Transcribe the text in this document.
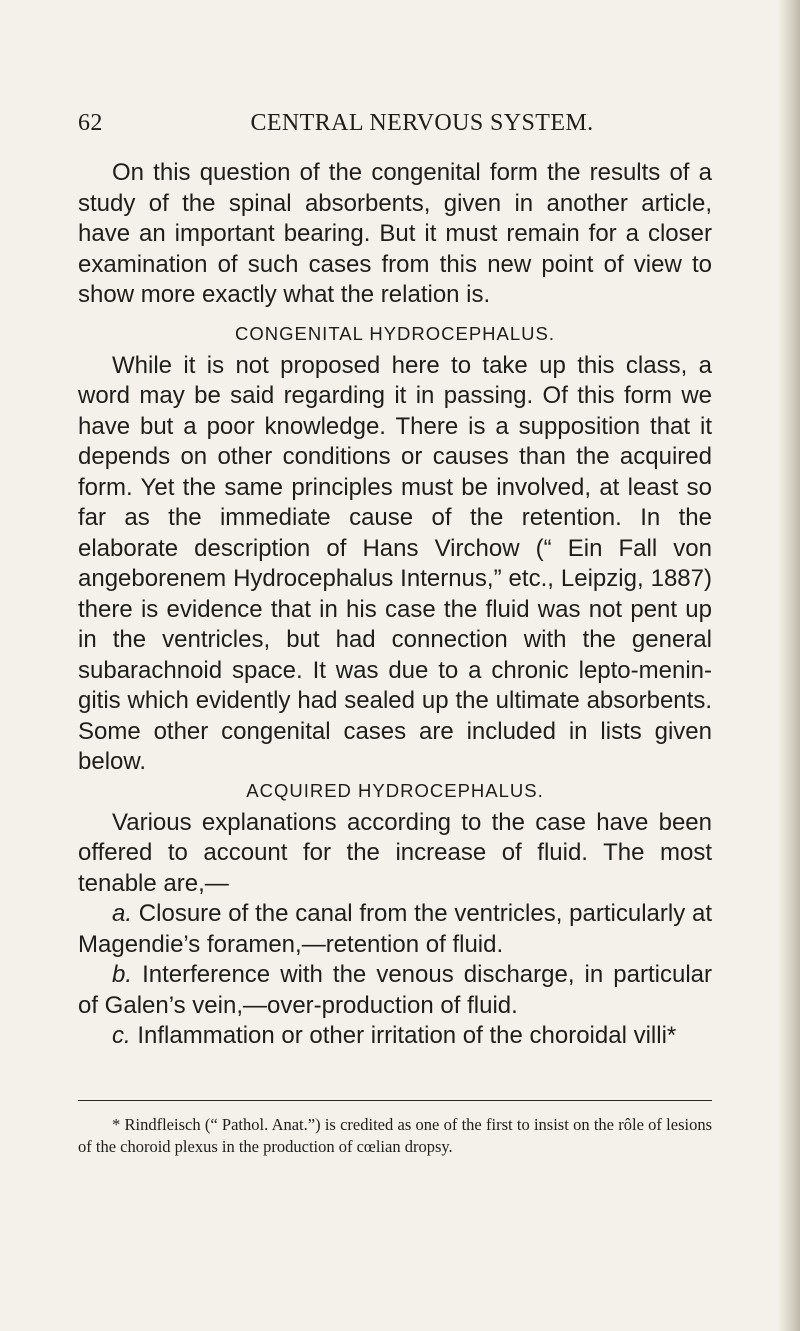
62	CENTRAL NERVOUS SYSTEM.

On this question of the congenital form the results of a study of the spinal absorbents, given in another article, have an important bearing. But it must remain for a closer examination of such cases from this new point of view to show more exactly what the relation is.

CONGENITAL HYDROCEPHALUS.

While it is not proposed here to take up this class, a word may be said regarding it in passing. Of this form we have but a poor knowledge. There is a supposition that it depends on other conditions or causes than the acquired form. Yet the same principles must be involved, at least so far as the immediate cause of the retention. In the elaborate description of Hans Virchow (“ Ein Fall von angeborenem Hydrocephalus Internus,” etc., Leipzig, 1887) there is evidence that in his case the fluid was not pent up in the ventricles, but had connection with the general subarachnoid space. It was due to a chronic lepto-menin-gitis which evidently had sealed up the ultimate absorbents. Some other congenital cases are included in lists given below.

ACQUIRED HYDROCEPHALUS.

Various explanations according to the case have been offered to account for the increase of fluid. The most tenable are,—

a. Closure of the canal from the ventricles, particularly at Magendie’s foramen,—retention of fluid.

b. Interference with the venous discharge, in particular of Galen’s vein,—over-production of fluid.

c. Inflammation or other irritation of the choroidal villi*

* Rindfleisch (“ Pathol. Anat.”) is credited as one of the first to insist on the rôle of lesions of the choroid plexus in the production of cœlian dropsy.
